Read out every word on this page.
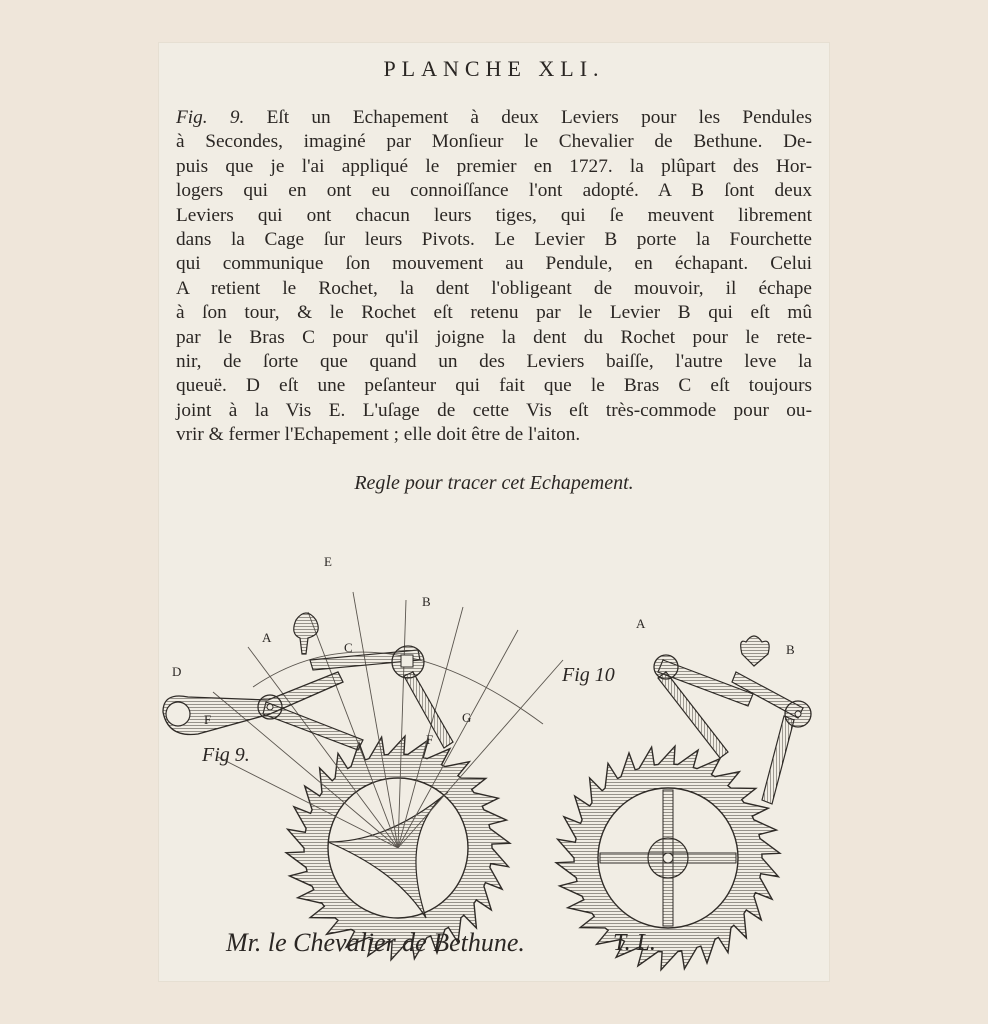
PLANCHE XLI.
Fig. 9. Eſt un Echapement à deux Leviers pour les Pendules
à Secondes, imaginé par Monſieur le Chevalier de Bethune. De-
puis que je l'ai appliqué le premier en 1727. la plûpart des Hor-
logers qui en ont eu connoiſſance l'ont adopté. A B ſont deux
Leviers qui ont chacun leurs tiges, qui ſe meuvent librement
dans la Cage ſur leurs Pivots. Le Levier B porte la Fourchette
qui communique ſon mouvement au Pendule, en échapant. Celui
A retient le Rochet, la dent l'obligeant de mouvoir, il échape
à ſon tour, & le Rochet eſt retenu par le Levier B qui eſt mû
par le Bras C pour qu'il joigne la dent du Rochet pour le rete-
nir, de ſorte que quand un des Leviers baiſſe, l'autre leve la
queuë. D eſt une peſanteur qui fait que le Bras C eſt toujours
joint à la Vis E. L'uſage de cette Vis eſt très-commode pour ou-
vrir & fermer l'Echapement ; elle doit être de l'aiton.
Regle pour tracer cet Echapement.
Fig 9.
Fig 10
E
B
A
C
D
F	G
F
A
B
Mr. le Chevalier de Bethune.	T. L.
